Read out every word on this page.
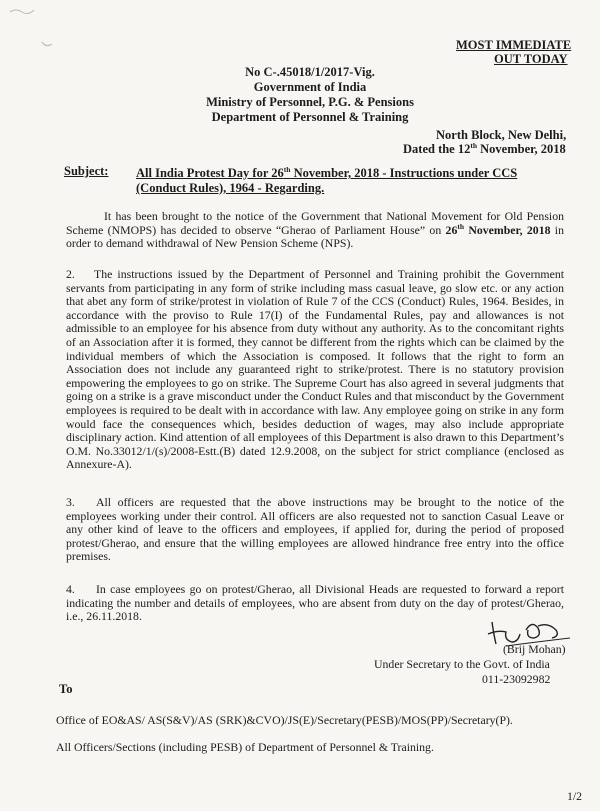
MOST IMMEDIATE
OUT TODAY
No C-.45018/1/2017-Vig.
Government of India
Ministry of Personnel, P.G. & Pensions
Department of Personnel & Training
North Block, New Delhi,
Dated the 12th November, 2018
Subject: All India Protest Day for 26th November, 2018 - Instructions under CCS
(Conduct Rules), 1964 - Regarding.
It has been brought to the notice of the Government that National Movement for Old Pension Scheme (NMOPS) has decided to observe “Gherao of Parliament House” on 26th November, 2018 in order to demand withdrawal of New Pension Scheme (NPS).
2. The instructions issued by the Department of Personnel and Training prohibit the Government servants from participating in any form of strike including mass casual leave, go slow etc. or any action that abet any form of strike/protest in violation of Rule 7 of the CCS (Conduct) Rules, 1964. Besides, in accordance with the proviso to Rule 17(I) of the Fundamental Rules, pay and allowances is not admissible to an employee for his absence from duty without any authority. As to the concomitant rights of an Association after it is formed, they cannot be different from the rights which can be claimed by the individual members of which the Association is composed. It follows that the right to form an Association does not include any guaranteed right to strike/protest. There is no statutory provision empowering the employees to go on strike. The Supreme Court has also agreed in several judgments that going on a strike is a grave misconduct under the Conduct Rules and that misconduct by the Government employees is required to be dealt with in accordance with law. Any employee going on strike in any form would face the consequences which, besides deduction of wages, may also include appropriate disciplinary action. Kind attention of all employees of this Department is also drawn to this Department’s O.M. No.33012/1/(s)/2008-Estt.(B) dated 12.9.2008, on the subject for strict compliance (enclosed as Annexure-A).
3. All officers are requested that the above instructions may be brought to the notice of the employees working under their control. All officers are also requested not to sanction Casual Leave or any other kind of leave to the officers and employees, if applied for, during the period of proposed protest/Gherao, and ensure that the willing employees are allowed hindrance free entry into the office premises.
4. In case employees go on protest/Gherao, all Divisional Heads are requested to forward a report indicating the number and details of employees, who are absent from duty on the day of protest/Gherao, i.e., 26.11.2018.
(Brij Mohan)
Under Secretary to the Govt. of India
011-23092982
To
Office of EO&AS/ AS(S&V)/AS (SRK)&CVO)/JS(E)/Secretary(PESB)/MOS(PP)/Secretary(P).
All Officers/Sections (including PESB) of Department of Personnel & Training.
1/2
